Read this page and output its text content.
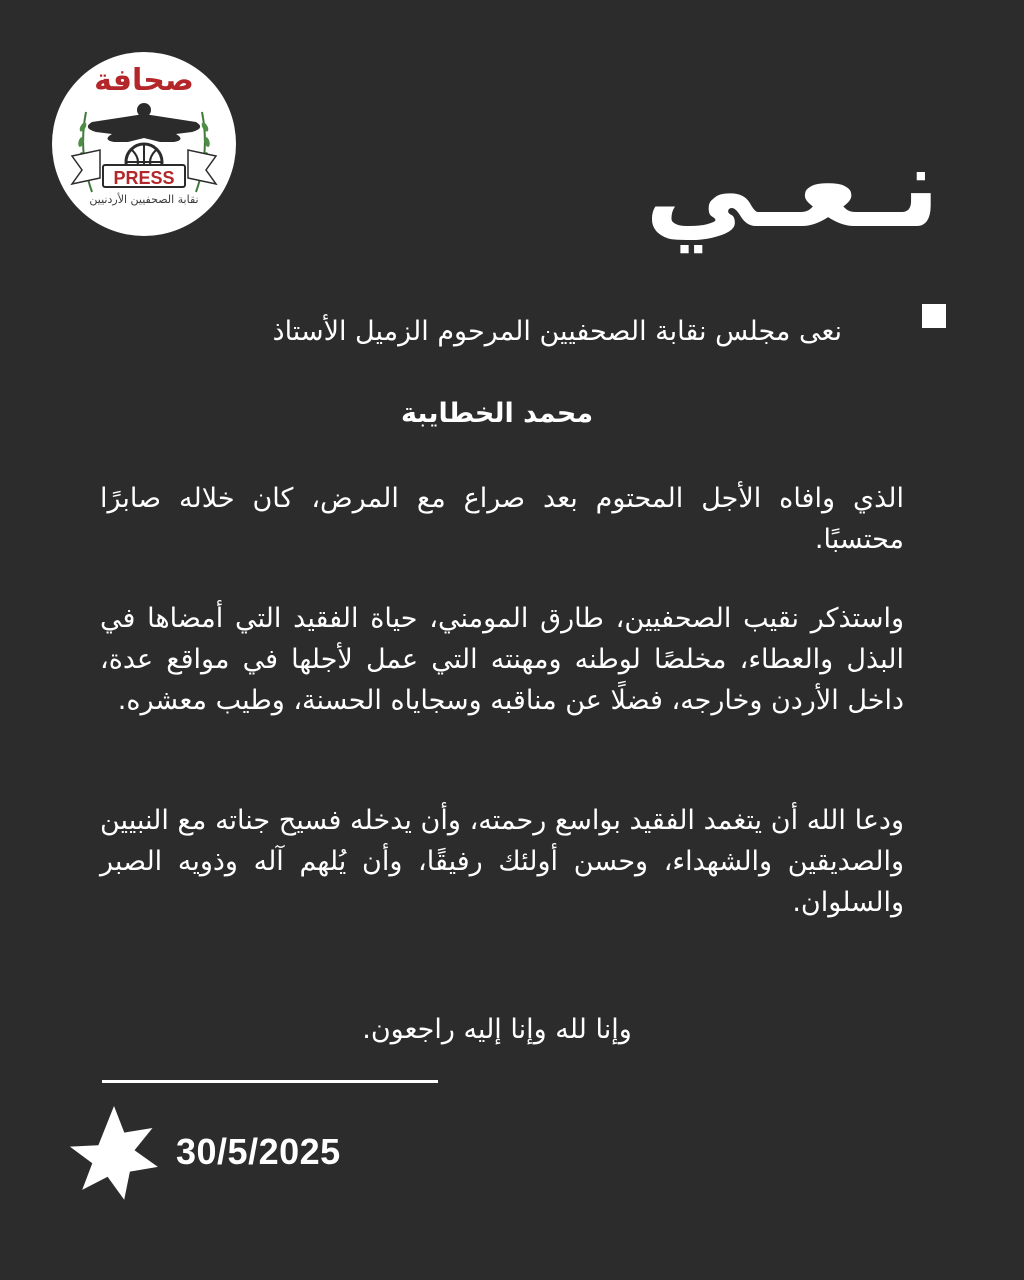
صحافة
PRESS
نقابة الصحفيين الأردنيين	نـعـي
نعى مجلس نقابة الصحفيين المرحوم الزميل الأستاذ
محمد الخطايبة
الذي وافاه الأجل المحتوم بعد صراع مع المرض، كان خلاله صابرًا محتسبًا.
واستذكر نقيب الصحفيين، طارق المومني، حياة الفقيد التي أمضاها في البذل والعطاء، مخلصًا لوطنه ومهنته التي عمل لأجلها في مواقع عدة، داخل الأردن وخارجه، فضلًا عن مناقبه وسجاياه الحسنة، وطيب معشره.
ودعا الله أن يتغمد الفقيد بواسع رحمته، وأن يدخله فسيح جناته مع النبيين والصديقين والشهداء، وحسن أولئك رفيقًا، وأن يُلهم آله وذويه الصبر والسلوان.
وإنا لله وإنا إليه راجعون.
30/5/2025
